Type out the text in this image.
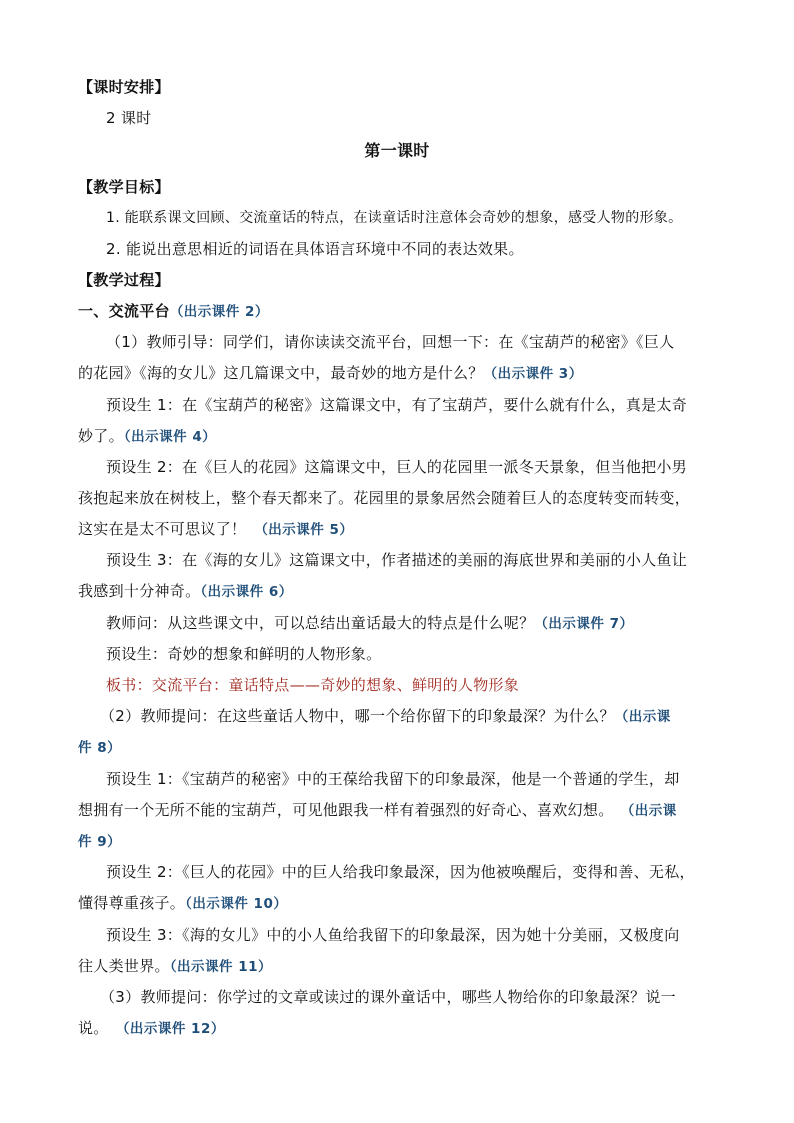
【课时安排】
2 课时
第一课时
【教学目标】
1. 能联系课文回顾、交流童话的特点，在读童话时注意体会奇妙的想象，感受人物的形象。
2. 能说出意思相近的词语在具体语言环境中不同的表达效果。
【教学过程】
一、交流平台（出示课件 2）
（1）教师引导：同学们，请你读读交流平台，回想一下：在《宝葫芦的秘密》《巨人
的花园》《海的女儿》这几篇课文中，最奇妙的地方是什么？（出示课件 3）
预设生 1：在《宝葫芦的秘密》这篇课文中，有了宝葫芦，要什么就有什么，真是太奇
妙了。（出示课件 4）
预设生 2：在《巨人的花园》这篇课文中，巨人的花园里一派冬天景象，但当他把小男
孩抱起来放在树枝上，整个春天都来了。花园里的景象居然会随着巨人的态度转变而转变，
这实在是太不可思议了！ （出示课件 5）
预设生 3：在《海的女儿》这篇课文中，作者描述的美丽的海底世界和美丽的小人鱼让
我感到十分神奇。（出示课件 6）
教师问：从这些课文中，可以总结出童话最大的特点是什么呢？（出示课件 7）
预设生：奇妙的想象和鲜明的人物形象。
板书：交流平台：童话特点——奇妙的想象、鲜明的人物形象
（2）教师提问：在这些童话人物中，哪一个给你留下的印象最深？为什么？（出示课
件 8）
预设生 1：《宝葫芦的秘密》中的王葆给我留下的印象最深，他是一个普通的学生，却
想拥有一个无所不能的宝葫芦，可见他跟我一样有着强烈的好奇心、喜欢幻想。 （出示课
件 9）
预设生 2：《巨人的花园》中的巨人给我印象最深，因为他被唤醒后，变得和善、无私，
懂得尊重孩子。（出示课件 10）
预设生 3：《海的女儿》中的小人鱼给我留下的印象最深，因为她十分美丽，又极度向
往人类世界。（出示课件 11）
（3）教师提问：你学过的文章或读过的课外童话中，哪些人物给你的印象最深？说一
说。 （出示课件 12）
